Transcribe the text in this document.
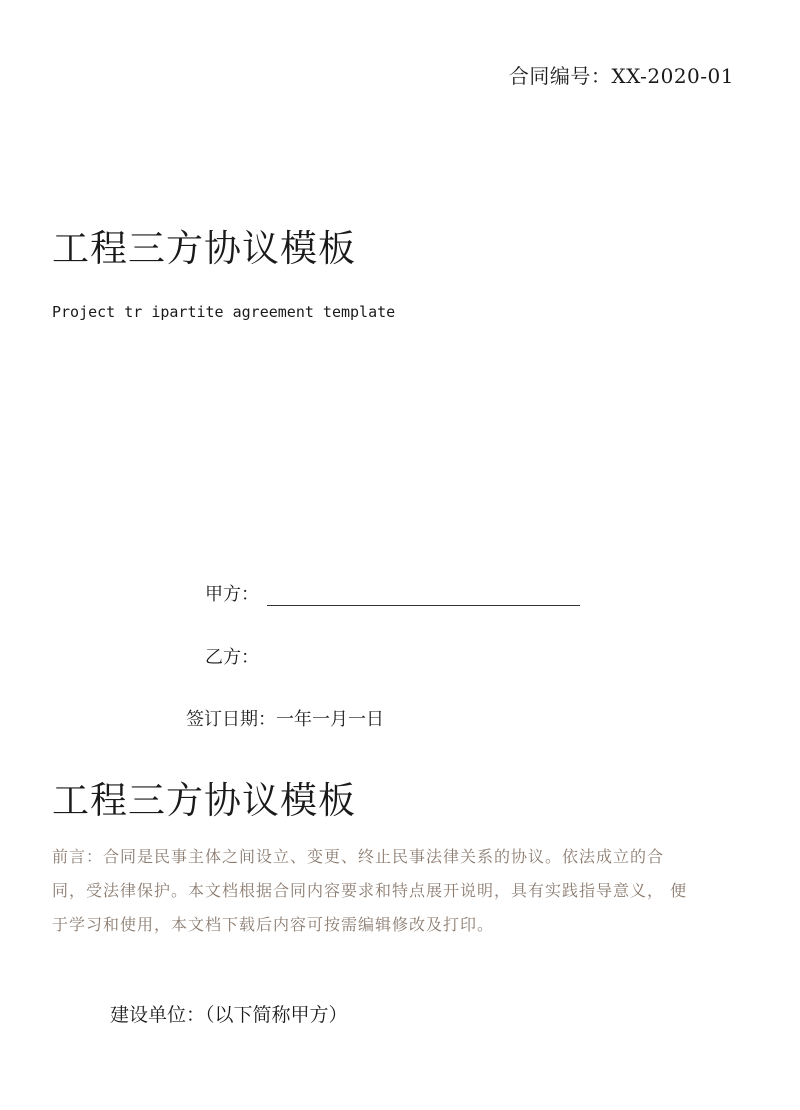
合同编号：XX-2020-01
工程三方协议模板
Project tr ipartite agreement template
甲方：
乙方：
签订日期：一年一月一日
工程三方协议模板
前言：合同是民事主体之间设立、变更、终止民事法律关系的协议。依法成立的合
同，受法律保护。本文档根据合同内容要求和特点展开说明，具有实践指导意义， 便
于学习和使用，本文档下载后内容可按需编辑修改及打印。
建设单位：（以下简称甲方）
